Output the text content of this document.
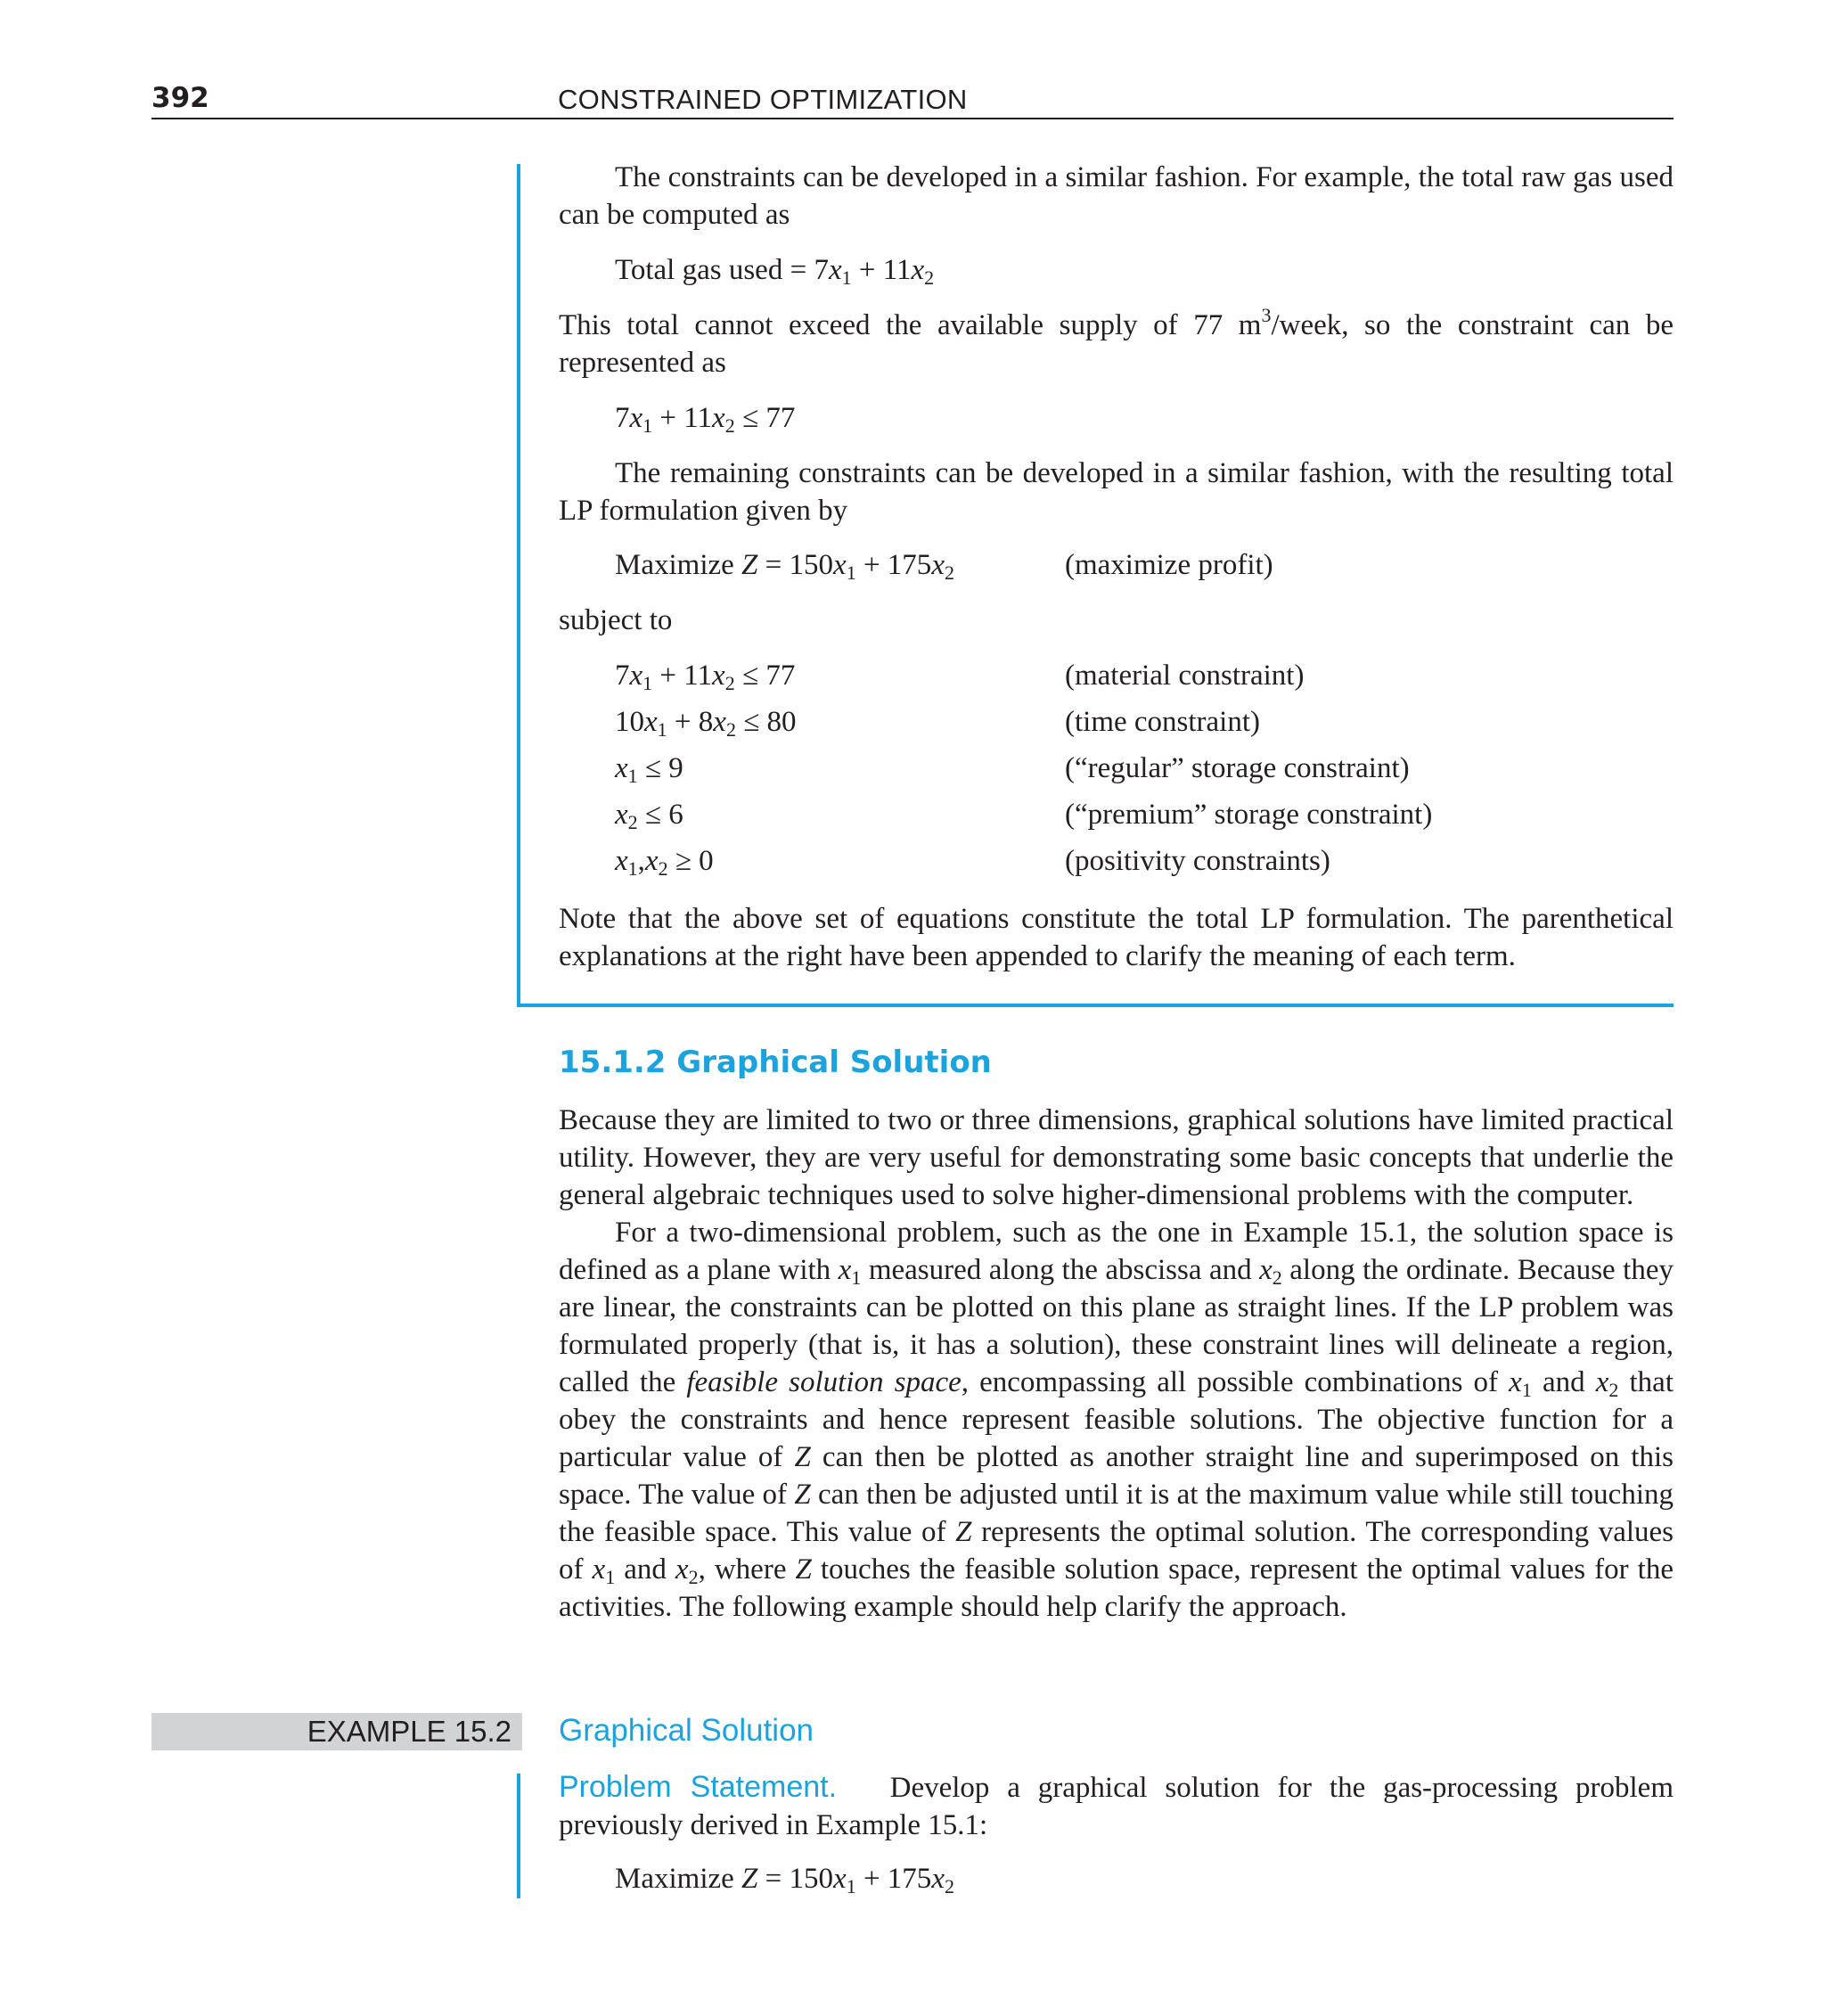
392	CONSTRAINED OPTIMIZATION

The constraints can be developed in a similar fashion. For example, the total raw gas used can be computed as

Total gas used = $7x_1 + 11x_2$

This total cannot exceed the available supply of 77 $m^3$/week, so the constraint can be represented as

$7x_1 + 11x_2 \le 77$

The remaining constraints can be developed in a similar fashion, with the resulting total LP formulation given by

Maximize $Z = 150x_1 + 175x_2$	(maximize profit)
subject to
$7x_1 + 11x_2 \le 77$	(material constraint)
$10x_1 + 8x_2 \le 80$	(time constraint)
$x_1 \le 9$	(“regular” storage constraint)
$x_2 \le 6$	(“premium” storage constraint)
$x_1,x_2 \ge 0$	(positivity constraints)

Note that the above set of equations constitute the total LP formulation. The parenthetical explanations at the right have been appended to clarify the meaning of each term.

15.1.2 Graphical Solution

Because they are limited to two or three dimensions, graphical solutions have limited practical utility. However, they are very useful for demonstrating some basic concepts that underlie the general algebraic techniques used to solve higher-dimensional problems with the computer.

For a two-dimensional problem, such as the one in Example 15.1, the solution space is defined as a plane with $x_1$ measured along the abscissa and $x_2$ along the ordinate. Because they are linear, the constraints can be plotted on this plane as straight lines. If the LP problem was formulated properly (that is, it has a solution), these constraint lines will delineate a region, called the feasible solution space, encompassing all possible combinations of $x_1$ and $x_2$ that obey the constraints and hence represent feasible solutions. The objective function for a particular value of Z can then be plotted as another straight line and superimposed on this space. The value of Z can then be adjusted until it is at the maximum value while still touching the feasible space. This value of Z represents the optimal solution. The corresponding values of $x_1$ and $x_2$, where Z touches the feasible solution space, represent the optimal values for the activities. The following example should help clarify the approach.

EXAMPLE 15.2 Graphical Solution

Problem Statement. Develop a graphical solution for the gas-processing problem previously derived in Example 15.1:

Maximize $Z = 150x_1 + 175x_2$
